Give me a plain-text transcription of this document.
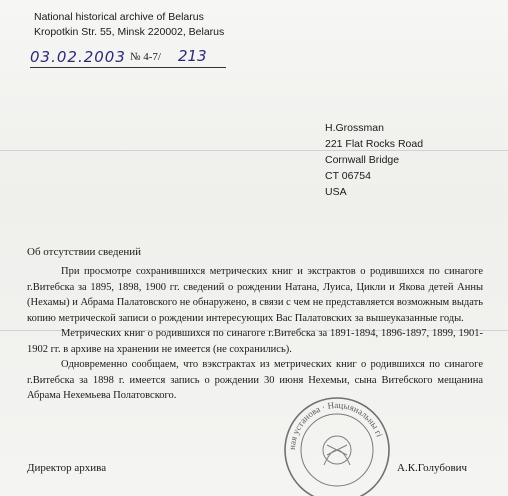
National historical archive of Belarus
Kropotkin Str. 55, Minsk 220002, Belarus
03.02.2003 № 4-7/ 213
H.Grossman
221 Flat Rocks Road
Cornwall Bridge
CT 06754
USA
Об отсутствии сведений

При просмотре сохранившихся метрических книг и экстрактов о родившихся по синагоге г.Витебска за 1895, 1898, 1900 гг. сведений о рождении Натана, Луиса, Цикли и Якова детей Анны (Нехамы) и Абрама Палатовского не обнаружено, в связи с чем не представляется возможным выдать копию метрической записи о рождении интересующих Вас Палатовских за вышеуказанные годы.

Метрических книг о родившихся по синагоге г.Витебска за 1891-1894, 1896-1897, 1899, 1901-1902 гг. в архиве на хранении не имеется (не сохранились).

Одновременно сообщаем, что вэкстрактах из метрических книг о родившихся по синагоге г.Витебска за 1898 г. имеется запись о рождении 30 июня Нехемьи, сына Витебского мещанина Абрама Нехемьева Полатовского.

ная установа · Нацыянальны гі
Директор архива	А.К.Голубович
